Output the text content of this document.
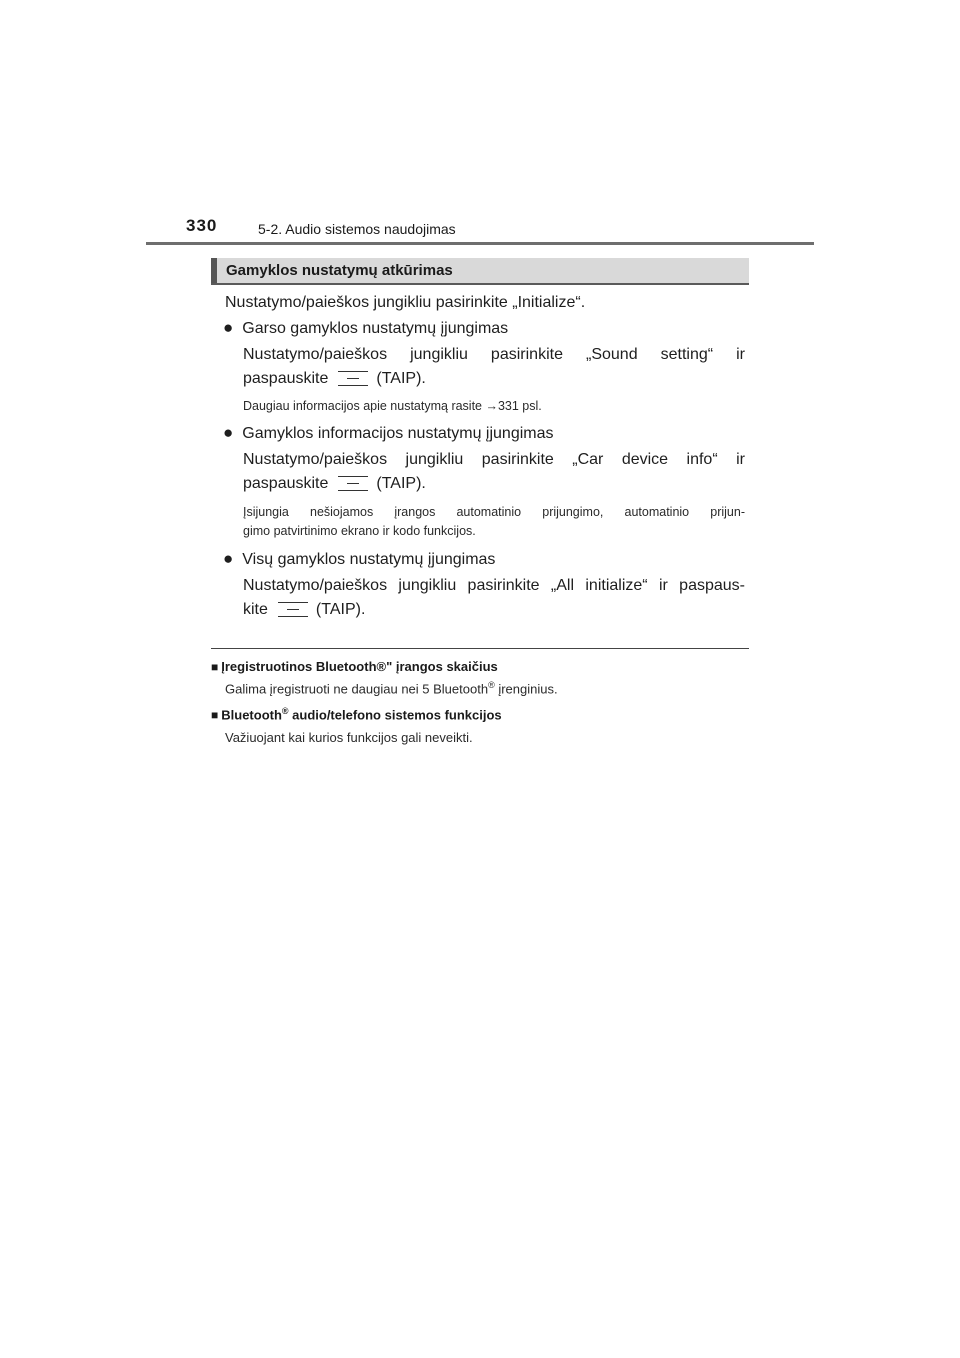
330	5-2. Audio sistemos naudojimas
Gamyklos nustatymų atkūrimas
Nustatymo/paieškos jungikliu pasirinkite „Initialize“.
● Garso gamyklos nustatymų įjungimas
Nustatymo/paieškos jungikliu pasirinkite „Sound setting“ ir
paspauskite	(TAIP).
Daugiau informacijos apie nustatymą rasite →331 psl.
● Gamyklos informacijos nustatymų įjungimas
Nustatymo/paieškos jungikliu pasirinkite „Car device info“ ir
paspauskite	(TAIP).
Įsijungia nešiojamos įrangos automatinio prijungimo, automatinio prijun-
gimo patvirtinimo ekrano ir kodo funkcijos.
● Visų gamyklos nustatymų įjungimas
Nustatymo/paieškos jungikliu pasirinkite „All initialize“ ir paspaus-
kite	(TAIP).
■ Įregistruotinos Bluetooth®" įrangos skaičius
Galima įregistruoti ne daugiau nei 5 Bluetooth® įrenginius.
■ Bluetooth® audio/telefono sistemos funkcijos
Važiuojant kai kurios funkcijos gali neveikti.
